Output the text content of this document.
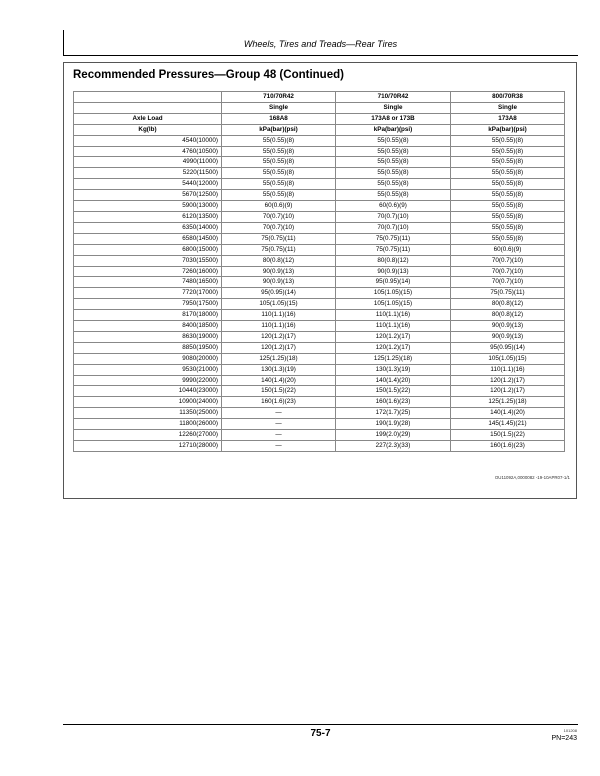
Wheels, Tires and Treads—Rear Tires
Recommended Pressures—Group 48 (Continued)
	710/70R42	710/70R42	800/70R38
	Single	Single	Single
Axle Load	168A8	173A8 or 173B	173A8
Kg(lb)	kPa(bar)(psi)	kPa(bar)(psi)	kPa(bar)(psi)
4540(10000)	55(0.55)(8)	55(0.55)(8)	55(0.55)(8)
4760(10500)	55(0.55)(8)	55(0.55)(8)	55(0.55)(8)
4990(11000)	55(0.55)(8)	55(0.55)(8)	55(0.55)(8)
5220(11500)	55(0.55)(8)	55(0.55)(8)	55(0.55)(8)
5440(12000)	55(0.55)(8)	55(0.55)(8)	55(0.55)(8)
5670(12500)	55(0.55)(8)	55(0.55)(8)	55(0.55)(8)
5900(13000)	60(0.6)(9)	60(0.6)(9)	55(0.55)(8)
6120(13500)	70(0.7)(10)	70(0.7)(10)	55(0.55)(8)
6350(14000)	70(0.7)(10)	70(0.7)(10)	55(0.55)(8)
6580(14500)	75(0.75)(11)	75(0.75)(11)	55(0.55)(8)
6800(15000)	75(0.75)(11)	75(0.75)(11)	60(0.6)(9)
7030(15500)	80(0.8)(12)	80(0.8)(12)	70(0.7)(10)
7260(16000)	90(0.9)(13)	90(0.9)(13)	70(0.7)(10)
7480(16500)	90(0.9)(13)	95(0.95)(14)	70(0.7)(10)
7720(17000)	95(0.95)(14)	105(1.05)(15)	75(0.75)(11)
7950(17500)	105(1.05)(15)	105(1.05)(15)	80(0.8)(12)
8170(18000)	110(1.1)(16)	110(1.1)(16)	80(0.8)(12)
8400(18500)	110(1.1)(16)	110(1.1)(16)	90(0.9)(13)
8630(19000)	120(1.2)(17)	120(1.2)(17)	90(0.9)(13)
8850(19500)	120(1.2)(17)	120(1.2)(17)	95(0.95)(14)
9080(20000)	125(1.25)(18)	125(1.25)(18)	105(1.05)(15)
9530(21000)	130(1.3)(19)	130(1.3)(19)	110(1.1)(16)
9990(22000)	140(1.4)(20)	140(1.4)(20)	120(1.2)(17)
10440(23000)	150(1.5)(22)	150(1.5)(22)	120(1.2)(17)
10900(24000)	160(1.6)(23)	160(1.6)(23)	125(1.25)(18)
11350(25000)	—	172(1.7)(25)	140(1.4)(20)
11800(26000)	—	190(1.9)(28)	145(1.45)(21)
12260(27000)	—	199(2.0)(29)	150(1.5)(22)
12710(28000)	—	227(2.3)(33)	160(1.6)(23)
OU11092A,0000082 -19-10APR07-1/1
75-7	101208
PN=243
